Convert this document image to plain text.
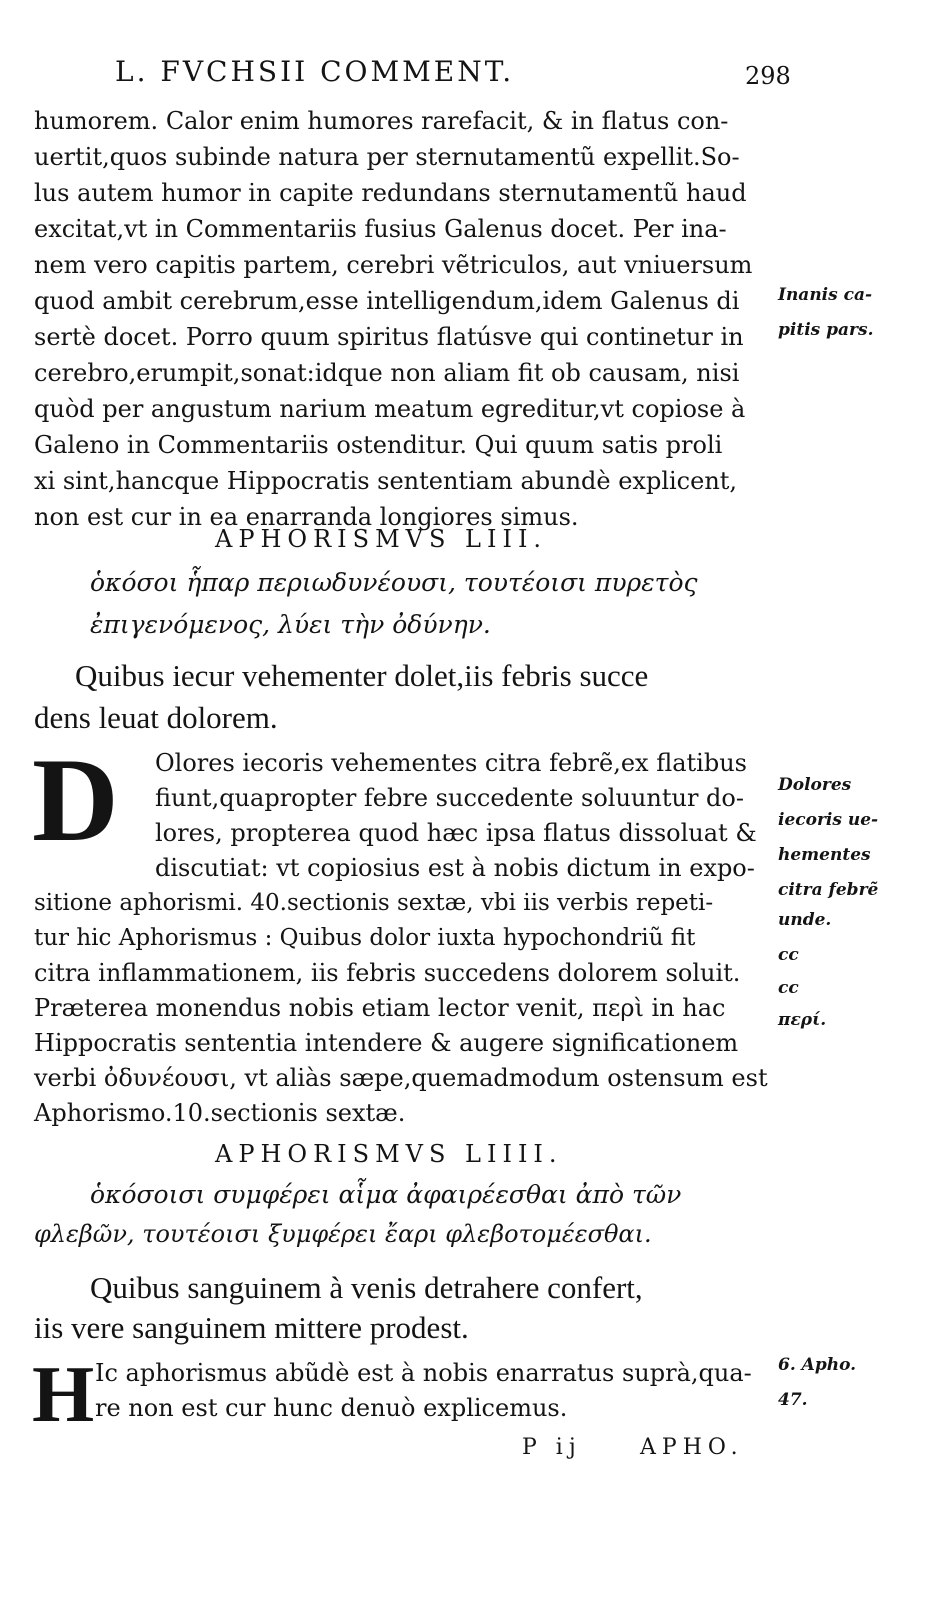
L. FVCHSII COMMENT.	298
humorem. Calor enim humores rarefacit, & in flatus con-
uertit,quos subinde natura per sternutamentũ expellit.So-
lus autem humor in capite redundans sternutamentũ haud
excitat,vt in Commentariis fusius Galenus docet. Per ina-
nem vero capitis partem, cerebri vẽtriculos, aut vniuersum
quod ambit cerebrum,esse intelligendum,idem Galenus di
sertè docet. Porro quum spiritus flatúsve qui continetur in
cerebro,erumpit,sonat:idque non aliam fit ob causam, nisi
quòd per angustum narium meatum egreditur,vt copiose à
Galeno in Commentariis ostenditur. Qui quum satis proli
xi sint,hancque Hippocratis sententiam abundè explicent,
non est cur in ea enarranda longiores simus.
Inanis ca-
pitis pars.
APHORISMVS LIII.
ὁκόσοι ἧπαρ περιωδυνέουσι, τουτέοισι πυρετὸς
ἐπιγενόμενος, λύει τὴν ὀδύνην.
Quibus iecur vehementer dolet,iis febris succe
dens leuat dolorem.
D Olores iecoris vehementes citra febrẽ,ex flatibus
fiunt,quapropter febre succedente soluuntur do-
lores, propterea quod hæc ipsa flatus dissoluat &
discutiat: vt copiosius est à nobis dictum in expo-
sitione aphorismi. 40.sectionis sextæ, vbi iis verbis repeti-
tur hic Aphorismus : Quibus dolor iuxta hypochondriũ fit
citra inflammationem, iis febris succedens dolorem soluit.
Præterea monendus nobis etiam lector venit, περὶ in hac
Hippocratis sententia intendere & augere significationem
verbi ὀδυνέουσι, vt aliàs sæpe,quemadmodum ostensum est
Aphorismo.10.sectionis sextæ.
Dolores
iecoris ue-
hementes
citra febrẽ
unde.
cc
cc
περί.
APHORISMVS LIIII.
ὁκόσοισι συμφέρει αἷμα ἀφαιρέεσθαι ἀπὸ τῶν
φλεβῶν, τουτέοισι ξυμφέρει ἔαρι φλεβοτομέεσθαι.
Quibus sanguinem à venis detrahere confert,
iis vere sanguinem mittere prodest.
H Ic aphorismus abũdè est à nobis enarratus suprà,qua-
re non est cur hunc denuò explicemus.
6. Apho.
47.
P ij	APHO.
